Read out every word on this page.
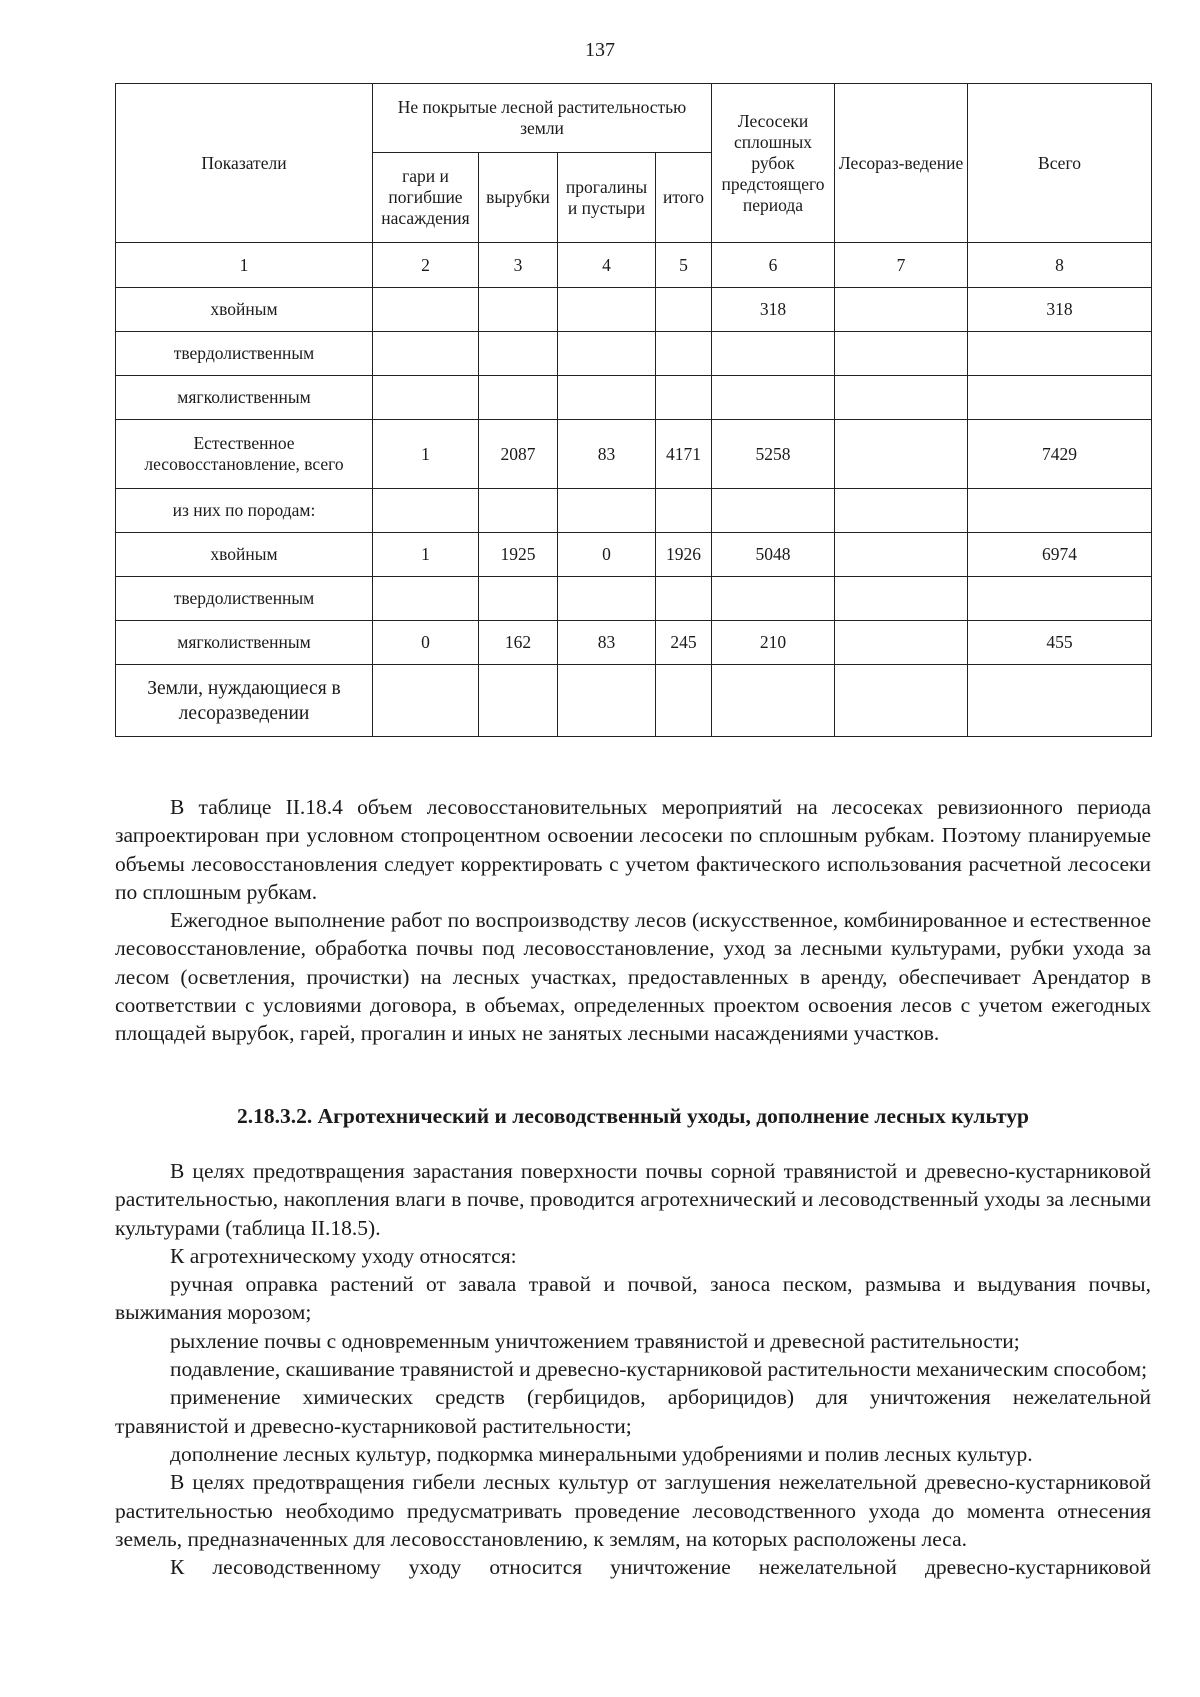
137
Показатели	Не покрытые лесной растительностью земли				Лесосеки сплошных рубок предстоящего периода	Лесораз-ведение	Всего
	гари и погибшие насаждения	вырубки	прогалины и пустыри	итого			
1	2	3	4	5	6	7	8
хвойным					318		318
твердолиственным							
мягколиственным							
Естественное лесовосстановление, всего	1	2087	83	4171	5258		7429
из них по породам:							
хвойным	1	1925	0	1926	5048		6974
твердолиственным							
мягколиственным	0	162	83	245	210		455
Земли, нуждающиеся в лесоразведении							

В таблице II.18.4 объем лесовосстановительных мероприятий на лесосеках ревизионного периода запроектирован при условном стопроцентном освоении лесосеки по сплошным рубкам. Поэтому планируемые объемы лесовосстановления следует корректировать с учетом фактического использования расчетной лесосеки по сплошным рубкам.

Ежегодное выполнение работ по воспроизводству лесов (искусственное, комбинированное и естественное лесовосстановление, обработка почвы под лесовосстановление, уход за лесными культурами, рубки ухода за лесом (осветления, прочистки) на лесных участках, предоставленных в аренду, обеспечивает Арендатор в соответствии с условиями договора, в объемах, определенных проектом освоения лесов с учетом ежегодных площадей вырубок, гарей, прогалин и иных не занятых лесными насаждениями участков.

2.18.3.2. Агротехнический и лесоводственный уходы, дополнение лесных культур

В целях предотвращения зарастания поверхности почвы сорной травянистой и древесно-кустарниковой растительностью, накопления влаги в почве, проводится агротехнический и лесоводственный уходы за лесными культурами (таблица II.18.5).

К агротехническому уходу относятся:

ручная оправка растений от завала травой и почвой, заноса песком, размыва и выдувания почвы, выжимания морозом;

рыхление почвы с одновременным уничтожением травянистой и древесной растительности;

подавление, скашивание травянистой и древесно-кустарниковой растительности механическим способом;

применение химических средств (гербицидов, арборицидов) для уничтожения нежелательной травянистой и древесно-кустарниковой растительности;

дополнение лесных культур, подкормка минеральными удобрениями и полив лесных культур.

В целях предотвращения гибели лесных культур от заглушения нежелательной древесно-кустарниковой растительностью необходимо предусматривать проведение лесоводственного ухода до момента отнесения земель, предназначенных для лесовосстановлению, к землям, на которых расположены леса.

К лесоводственному уходу относится уничтожение нежелательной древесно-кустарниковой
